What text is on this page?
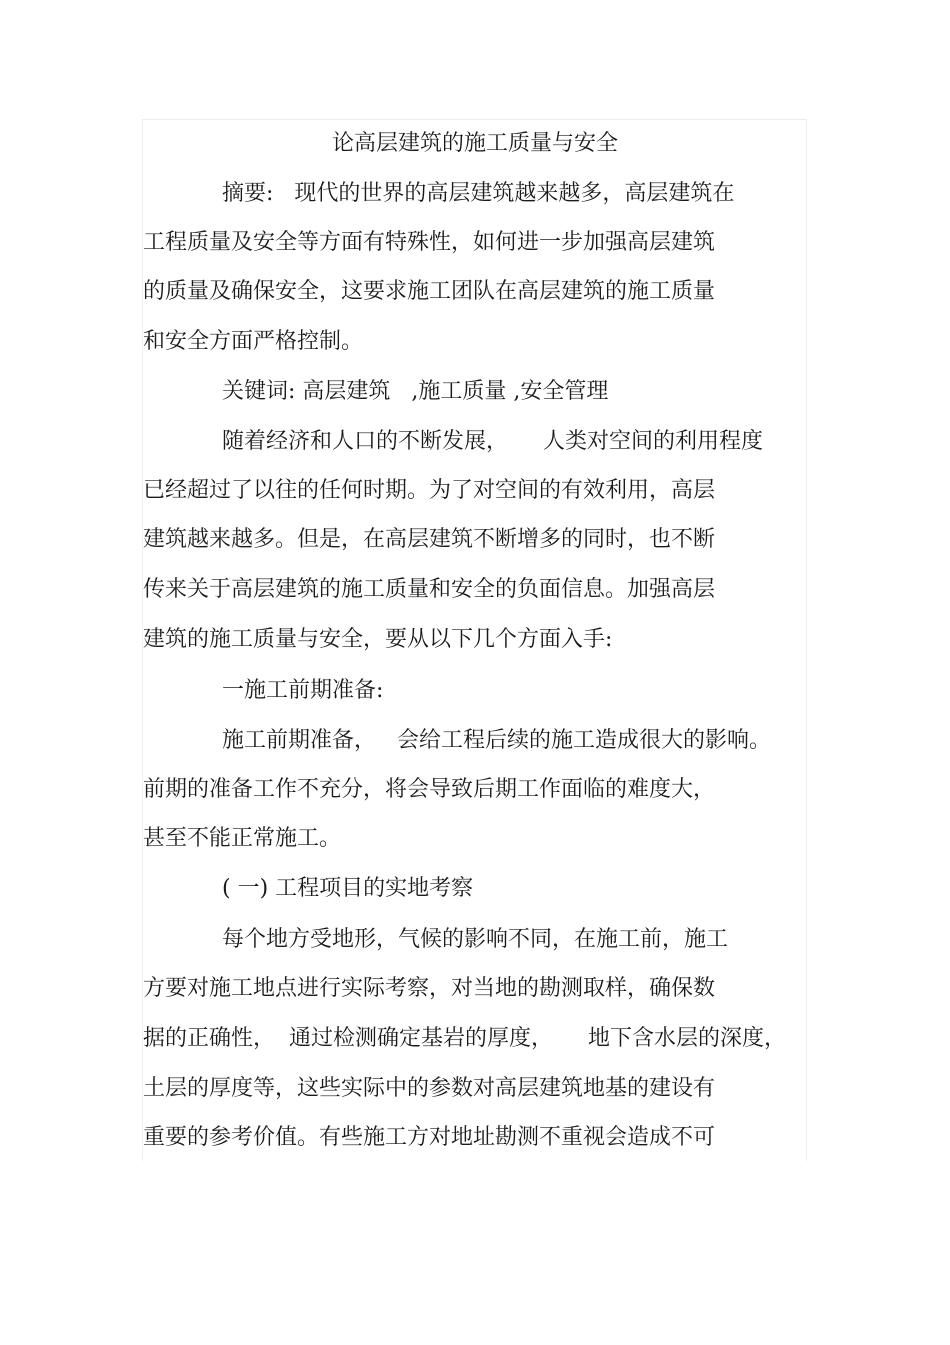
论高层建筑的施工质量与安全
摘要:   现代的世界的高层建筑越来越多，高层建筑在
工程质量及安全等方面有特殊性，如何进一步加强高层建筑
的质量及确保安全，这要求施工团队在高层建筑的施工质量
和安全方面严格控制。
关键词: 高层建筑   ,施工质量 ,安全管理
随着经济和人口的不断发展，     人类对空间的利用程度
已经超过了以往的任何时期。为了对空间的有效利用，高层
建筑越来越多。但是，在高层建筑不断增多的同时，也不断
传来关于高层建筑的施工质量和安全的负面信息。加强高层
建筑的施工质量与安全，要从以下几个方面入手:
一施工前期准备:
施工前期准备，   会给工程后续的施工造成很大的影响。
前期的准备工作不充分，将会导致后期工作面临的难度大，
甚至不能正常施工。
( 一) 工程项目的实地考察
每个地方受地形，气候的影响不同，在施工前，施工
方要对施工地点进行实际考察，对当地的勘测取样，确保数
据的正确性，  通过检测确定基岩的厚度，     地下含水层的深度，
土层的厚度等，这些实际中的参数对高层建筑地基的建设有
重要的参考价值。有些施工方对地址勘测不重视会造成不可
